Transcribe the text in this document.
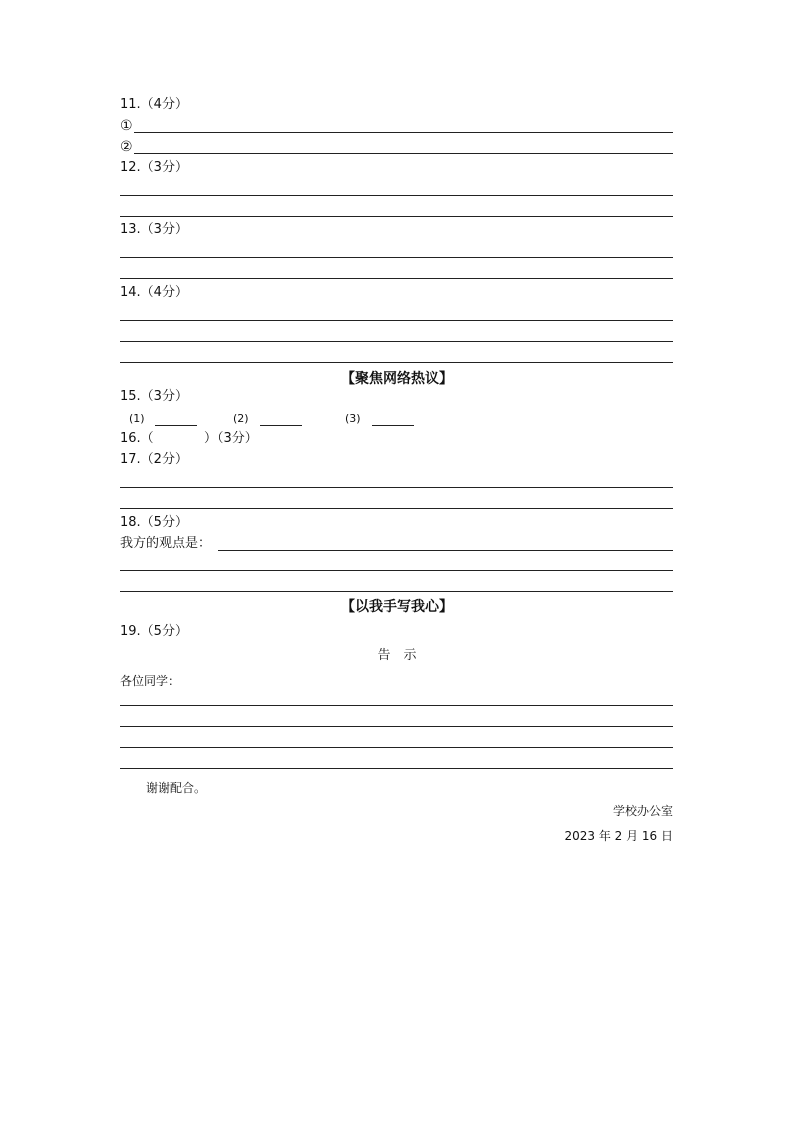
11.（4分）
①
②
12.（3分）
13.（3分）
14.（4分）
【聚焦网络热议】
15.（3分）
(1)	(2)	(3)
16.（	）（3分）
17.（2分）
18.（5分）
我方的观点是：
【以我手写我心】
19.（5分）
告　示
各位同学：
谢谢配合。
学校办公室
2023 年 2 月 16 日
